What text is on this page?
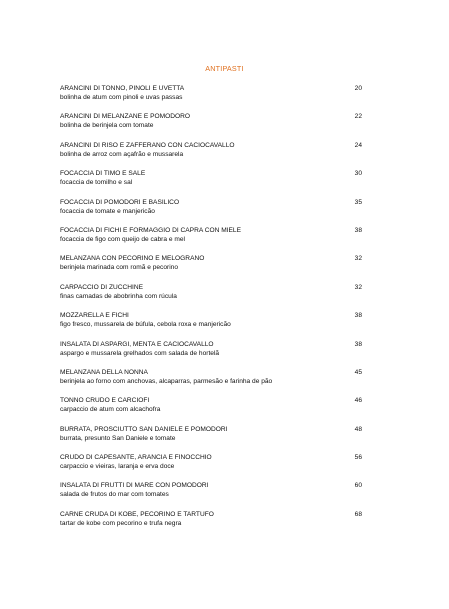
ANTIPASTI
ARANCINI DI TONNO, PINOLI E UVETTA
bolinha de atum com pinoli e uvas passas
20
ARANCINI DI MELANZANE E POMODORO
bolinha de berinjela com tomate
22
ARANCINI DI RISO E ZAFFERANO CON CACIOCAVALLO
bolinha de arroz com açafrão e mussarela
24
FOCACCIA DI TIMO E SALE
focaccia de tomilho e sal
30
FOCACCIA DI POMODORI E BASILICO
focaccia de tomate e manjericão
35
FOCACCIA DI FICHI E FORMAGGIO DI CAPRA CON MIELE
focaccia de figo com queijo de cabra e mel
38
MELANZANA CON PECORINO E MELOGRANO
berinjela marinada com romã e pecorino
32
CARPACCIO DI ZUCCHINE
finas camadas de abobrinha com rúcula
32
MOZZARELLA E FICHI
figo fresco, mussarela de búfula, cebola roxa e manjericão
38
INSALATA DI ASPARGI, MENTA E CACIOCAVALLO
aspargo e mussarela grelhados com salada de hortelã
38
MELANZANA DELLA NONNA
berinjela ao forno com anchovas, alcaparras, parmesão e farinha de pão
45
TONNO CRUDO E CARCIOFI
carpaccio de atum com alcachofra
46
BURRATA, PROSCIUTTO SAN DANIELE E POMODORI
burrata, presunto San Daniele e tomate
48
CRUDO DI CAPESANTE, ARANCIA E FINOCCHIO
carpaccio e vieiras, laranja e erva doce
56
INSALATA DI FRUTTI DI MARE CON POMODORI
salada de frutos do mar com tomates
60
CARNE CRUDA DI KOBE, PECORINO E TARTUFO
tartar de kobe com pecorino e trufa negra
68
